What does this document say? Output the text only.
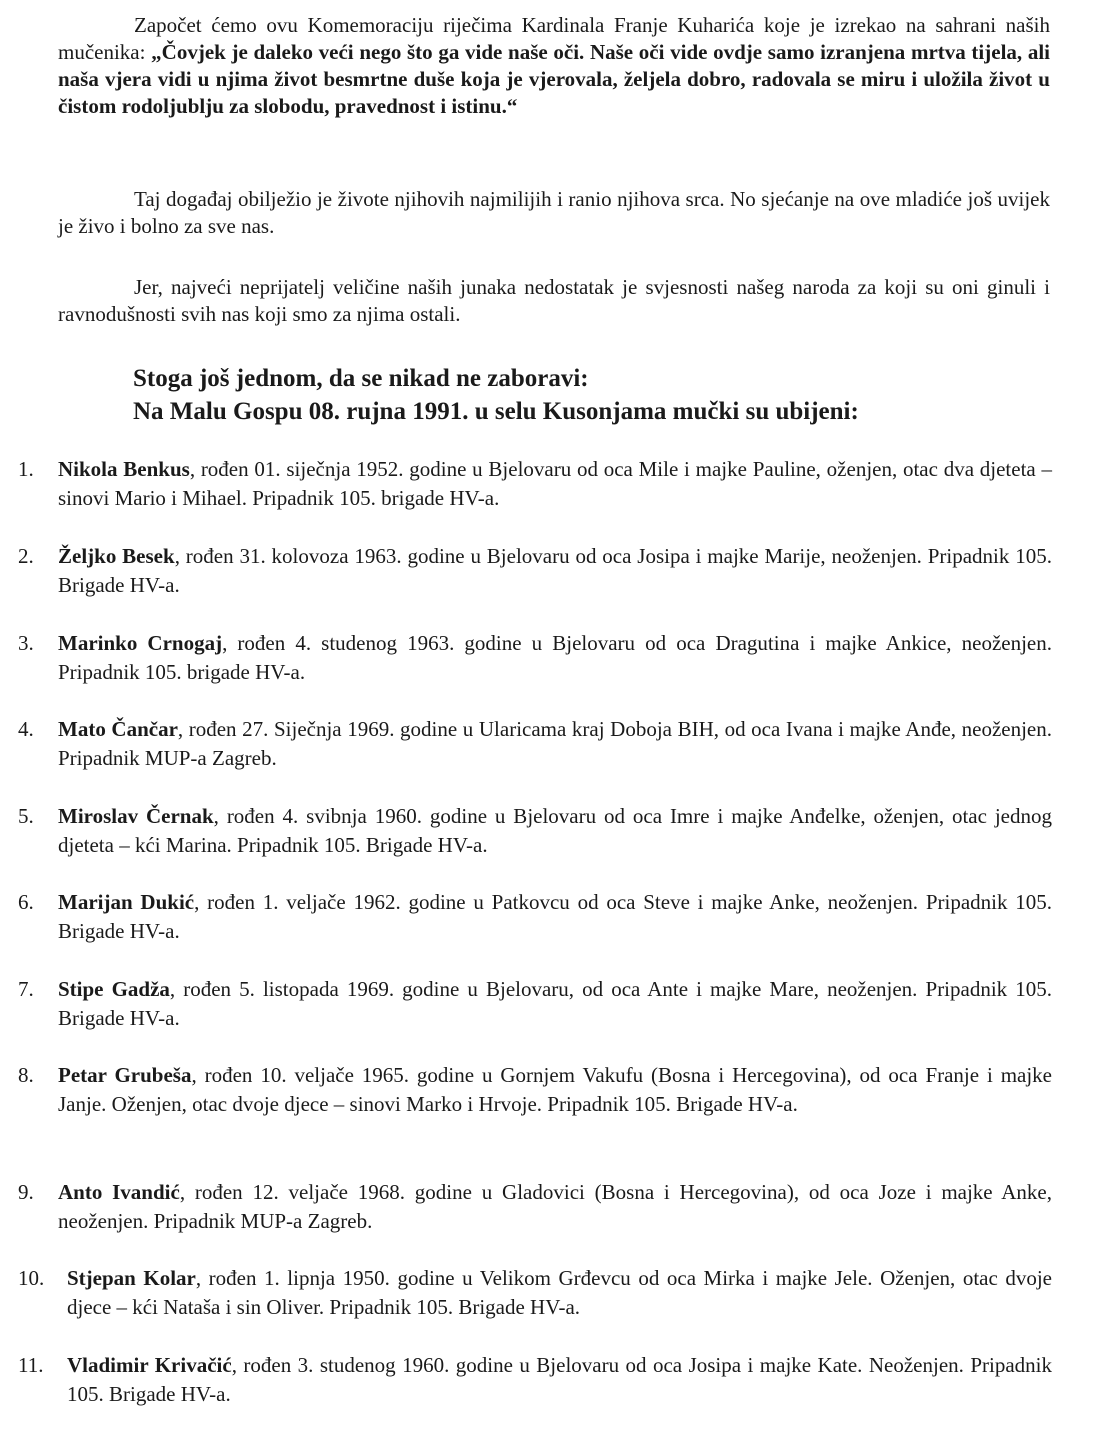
Započet ćemo ovu Komemoraciju riječima Kardinala Franje Kuharića koje je izrekao na sahrani naših mučenika: „Čovjek je daleko veći nego što ga vide naše oči. Naše oči vide ovdje samo izranjena mrtva tijela, ali naša vjera vidi u njima život besmrtne duše koja je vjerovala, željela dobro, radovala se miru i uložila život u čistom rodoljublju za slobodu, pravednost i istinu.“

Taj događaj obilježio je živote njihovih najmilijih i ranio njihova srca. No sjećanje na ove mladiće još uvijek je živo i bolno za sve nas.

Jer, najveći neprijatelj veličine naših junaka nedostatak je svjesnosti našeg naroda za koji su oni ginuli i ravnodušnosti svih nas koji smo za njima ostali.

Stoga još jednom, da se nikad ne zaboravi:
Na Malu Gospu 08. rujna 1991. u selu Kusonjama mučki su ubijeni:
1.	Nikola Benkus, rođen 01. siječnja 1952. godine u Bjelovaru od oca Mile i majke Pauline, oženjen, otac dva djeteta – sinovi Mario i Mihael. Pripadnik 105. brigade HV-a.
2.	Željko Besek, rođen 31. kolovoza 1963. godine u Bjelovaru od oca Josipa i majke Marije, neoženjen. Pripadnik 105. Brigade HV-a.
3.	Marinko Crnogaj, rođen 4. studenog 1963. godine u Bjelovaru od oca Dragutina i majke Ankice, neoženjen. Pripadnik 105. brigade HV-a.
4.	Mato Čančar, rođen 27. Siječnja 1969. godine u Ularicama kraj Doboja BIH, od oca Ivana i majke Anđe, neoženjen. Pripadnik MUP-a Zagreb.
5.	Miroslav Černak, rođen 4. svibnja 1960. godine u Bjelovaru od oca Imre i majke Anđelke, oženjen, otac jednog djeteta – kći Marina. Pripadnik 105. Brigade HV-a.
6.	Marijan Dukić, rođen 1. veljače 1962. godine u Patkovcu od oca Steve i majke Anke, neoženjen. Pripadnik 105. Brigade HV-a.
7.	Stipe Gadža, rođen 5. listopada 1969. godine u Bjelovaru, od oca Ante i majke Mare, neoženjen. Pripadnik 105. Brigade HV-a.
8.	Petar Grubeša, rođen 10. veljače 1965. godine u Gornjem Vakufu (Bosna i Hercegovina), od oca Franje i majke Janje. Oženjen, otac dvoje djece – sinovi Marko i Hrvoje. Pripadnik 105. Brigade HV-a.
9.	Anto Ivandić, rođen 12. veljače 1968. godine u Gladovici (Bosna i Hercegovina), od oca Joze i majke Anke, neoženjen. Pripadnik MUP-a Zagreb.
10.	Stjepan Kolar, rođen 1. lipnja 1950. godine u Velikom Grđevcu od oca Mirka i majke Jele. Oženjen, otac dvoje djece – kći Nataša i sin Oliver. Pripadnik 105. Brigade HV-a.
11.	Vladimir Krivačić, rođen 3. studenog 1960. godine u Bjelovaru od oca Josipa i majke Kate. Neoženjen. Pripadnik 105. Brigade HV-a.
